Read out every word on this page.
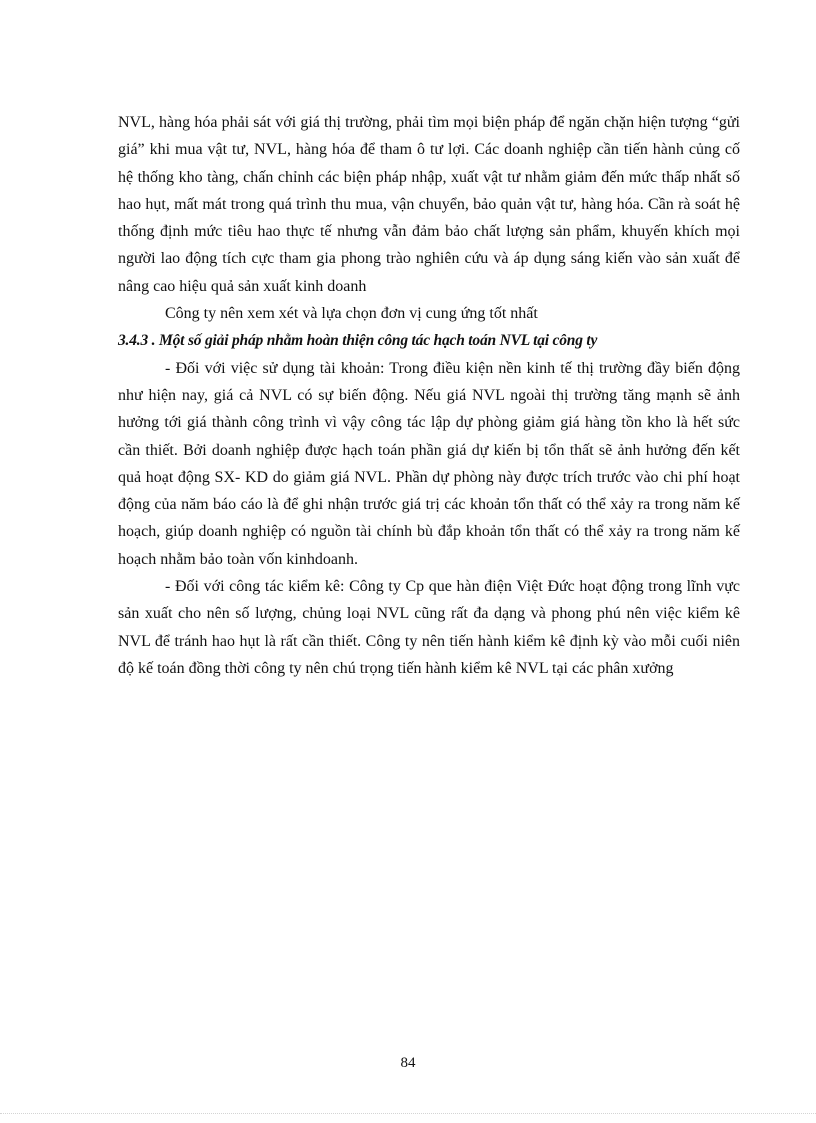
NVL, hàng hóa phải sát với giá thị trường, phải tìm mọi biện pháp để ngăn chặn hiện tượng “gửi giá” khi mua vật tư, NVL, hàng hóa để tham ô tư lợi. Các doanh nghiệp cần tiến hành củng cố hệ thống kho tàng, chấn chỉnh các biện pháp nhập, xuất vật tư nhằm giảm đến mức thấp nhất số hao hụt, mất mát trong quá trình thu mua, vận chuyển, bảo quản vật tư, hàng hóa. Cần rà soát hệ thống định mức tiêu hao thực tế nhưng vẫn đảm bảo chất lượng sản phẩm, khuyến khích mọi người lao động tích cực tham gia phong trào nghiên cứu và áp dụng sáng kiến vào sản xuất để nâng cao hiệu quả sản xuất kinh doanh

Công ty nên xem xét và lựa chọn đơn vị cung ứng tốt nhất

3.4.3 . Một số giải pháp nhằm hoàn thiện công tác hạch toán NVL tại công ty

- Đối với việc sử dụng tài khoản: Trong điều kiện nền kinh tế thị trường đầy biến động như hiện nay, giá cả NVL có sự biến động. Nếu giá NVL ngoài thị trường tăng mạnh sẽ ảnh hưởng tới giá thành công trình vì vậy công tác lập dự phòng giảm giá hàng tồn kho là hết sức cần thiết. Bởi doanh nghiệp được hạch toán phần giá dự kiến bị tổn thất sẽ ảnh hưởng đến kết quả hoạt động SX- KD do giảm giá NVL. Phần dự phòng này được trích trước vào chi phí hoạt động của năm báo cáo là để ghi nhận trước giá trị các khoản tổn thất có thể xảy ra trong năm kế hoạch, giúp doanh nghiệp có nguồn tài chính bù đắp khoản tổn thất có thể xảy ra trong năm kế hoạch nhằm bảo toàn vốn kinhdoanh.

- Đối với công tác kiểm kê: Công ty Cp que hàn điện Việt Đức hoạt động trong lĩnh vực sản xuất cho nên số lượng, chủng loại NVL cũng rất đa dạng và phong phú nên việc kiểm kê NVL để tránh hao hụt là rất cần thiết. Công ty nên tiến hành kiểm kê định kỳ vào mỗi cuối niên độ kế toán đồng thời công ty nên chú trọng tiến hành kiểm kê NVL tại các phân xưởng

84
